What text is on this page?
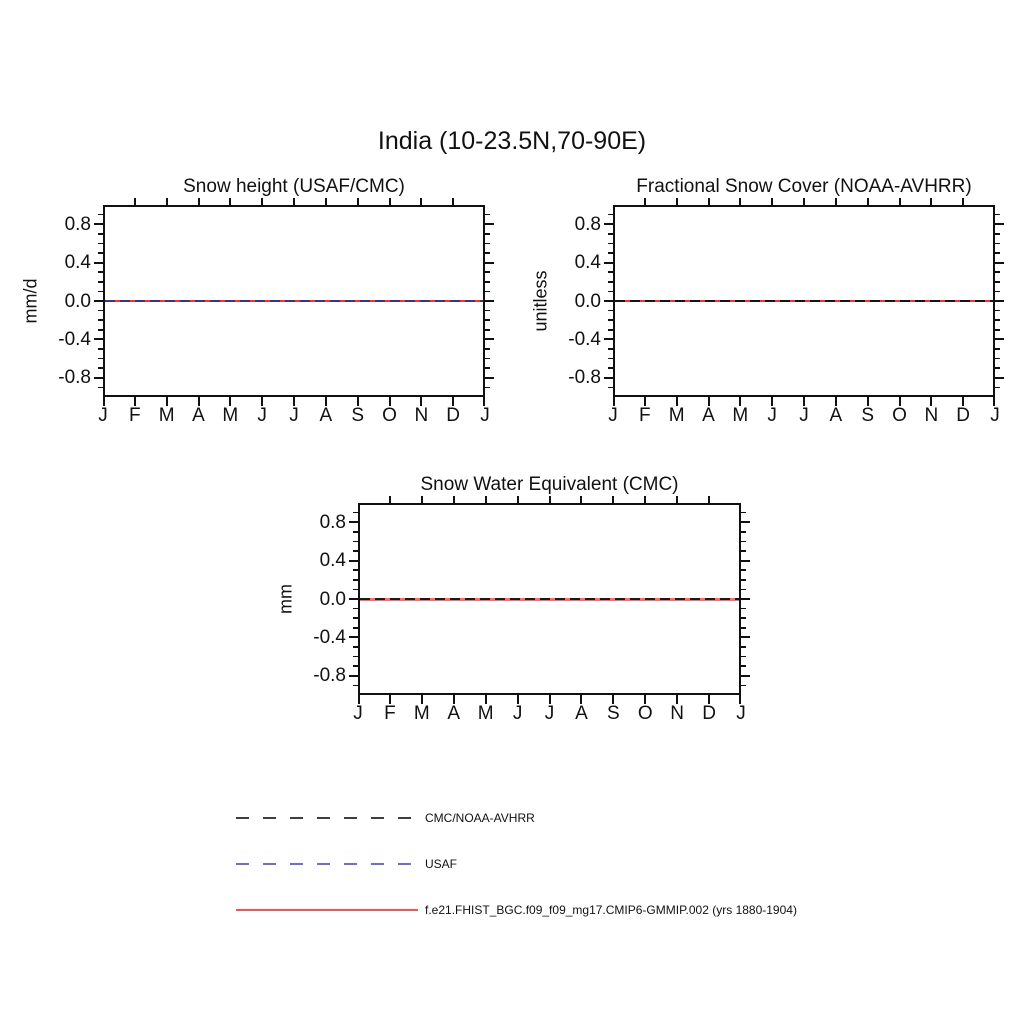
India (10-23.5N,70-90E)
Snow height (USAF/CMC)
mm/d
0.8
0.4
0.0
-0.4
-0.8
J	F M A M	J	J	A	S O N D	J
Fractional Snow Cover (NOAA-AVHRR)
unitless
0.8
0.4
0.0
-0.4
-0.8
J	F M A M	J	J	A	S O N D	J
Snow Water Equivalent (CMC)
mm
0.8
0.4
0.0
-0.4
-0.8
J	F M A M	J	J	A	S O N D	J
CMC/NOAA-AVHRR
USAF
f.e21.FHIST_BGC.f09_f09_mg17.CMIP6-GMMIP.002 (yrs 1880-1904)
